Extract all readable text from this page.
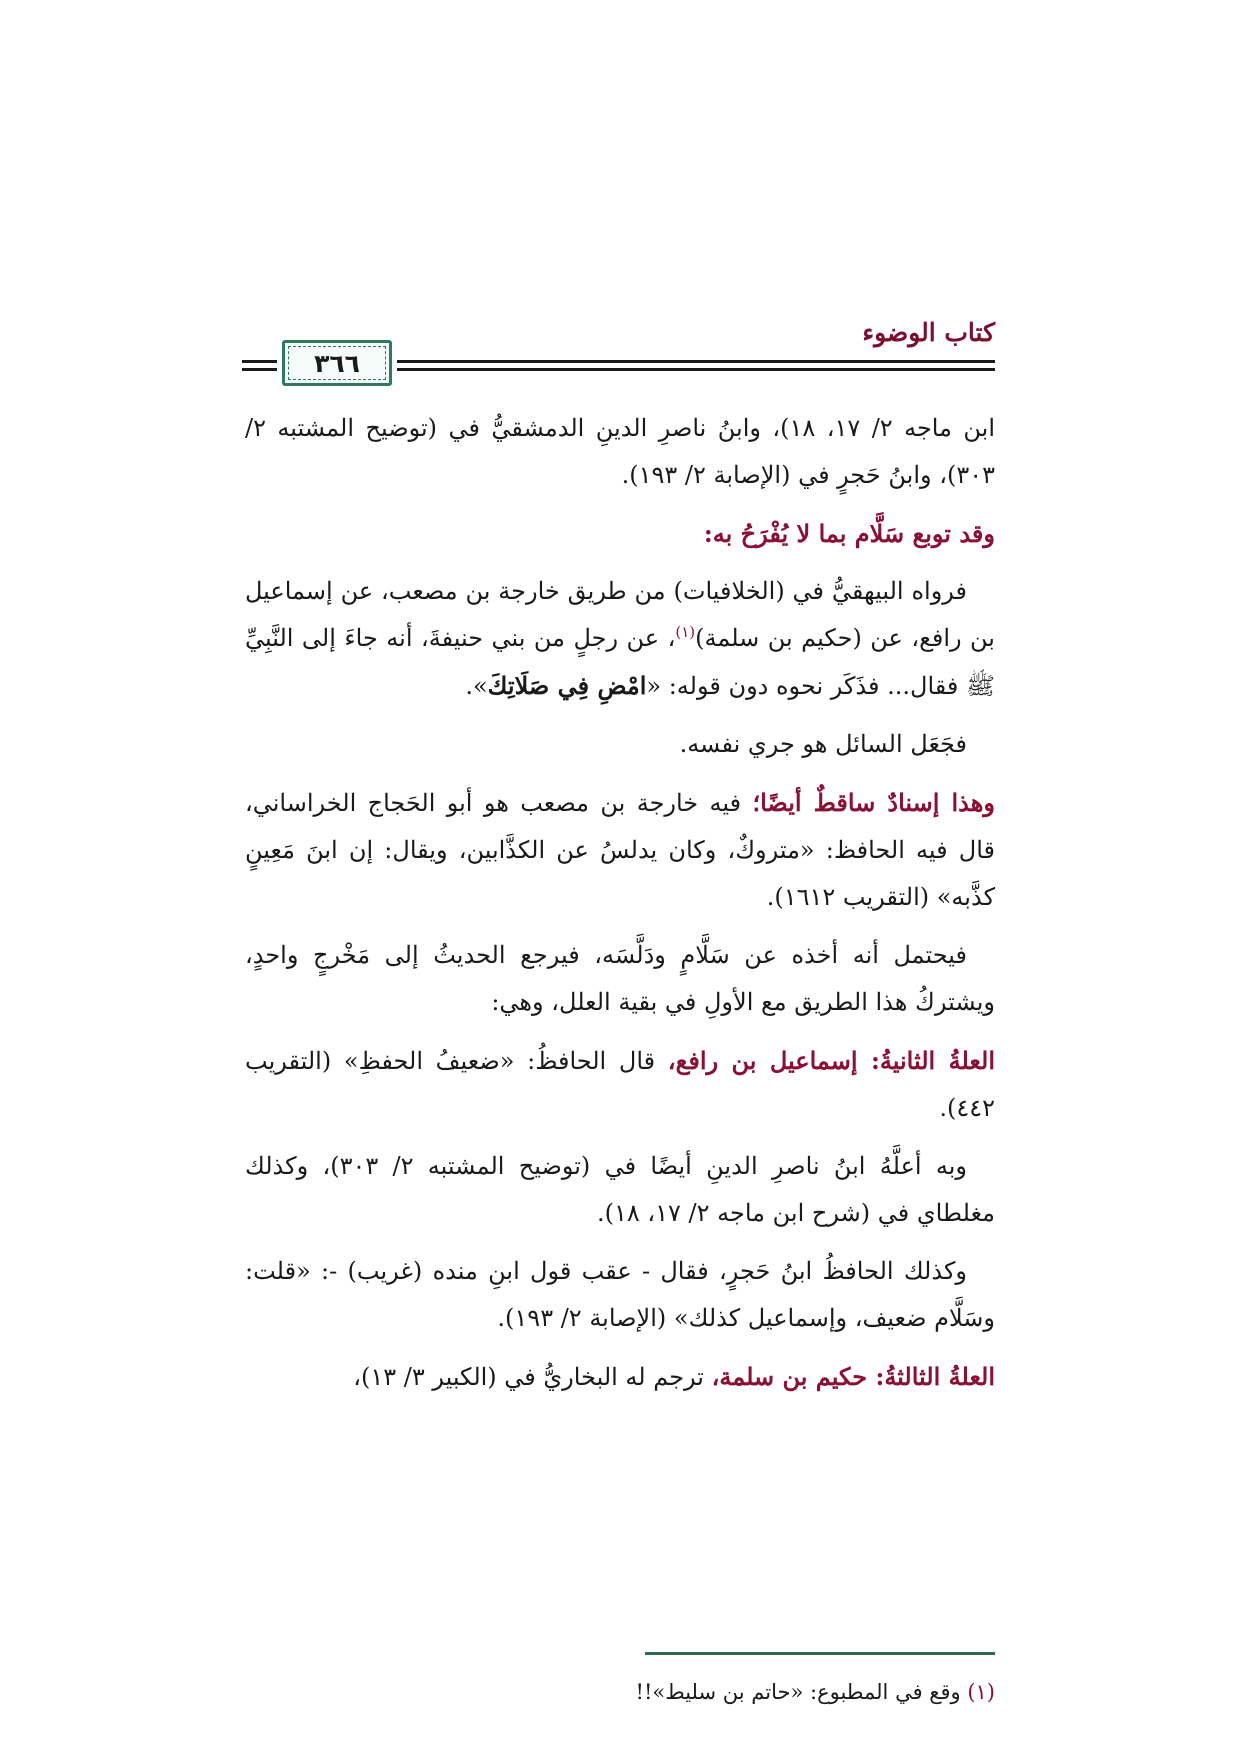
كتاب الوضوء
٣٦٦

ابن ماجه ٢/ ١٧، ١٨)، وابنُ ناصرِ الدينِ الدمشقيُّ في (توضيح المشتبه ٢/ ٣٠٣)، وابنُ حَجرٍ في (الإصابة ٢/ ١٩٣).

وقد توبع سَلَّام بما لا يُفْرَحُ به:

فرواه البيهقيُّ في (الخلافيات) من طريق خارجة بن مصعب، عن إسماعيل بن رافع، عن (حكيم بن سلمة)$^{(١)}$، عن رجلٍ من بني حنيفةَ، أنه جاءَ إلى النَّبِيِّ ﷺ فقال... فذَكَر نحوه دون قوله: «امْضِ فِي صَلَاتِكَ».

فجَعَل السائل هو جري نفسه.

وهذا إسنادٌ ساقطٌ أيضًا؛ فيه خارجة بن مصعب هو أبو الحَجاج الخراساني، قال فيه الحافظ: «متروكٌ، وكان يدلسُ عن الكذَّابين، ويقال: إن ابنَ مَعِينٍ كذَّبه» (التقريب ١٦١٢).

فيحتمل أنه أخذه عن سَلَّامٍ ودَلَّسَه، فيرجع الحديثُ إلى مَخْرجٍ واحدٍ، ويشتركُ هذا الطريق مع الأولِ في بقية العلل، وهي:

العلةُ الثانيةُ: إسماعيل بن رافع، قال الحافظُ: «ضعيفُ الحفظِ» (التقريب ٤٤٢).

وبه أعلَّهُ ابنُ ناصرِ الدينِ أيضًا في (توضيح المشتبه ٢/ ٣٠٣)، وكذلك مغلطاي في (شرح ابن ماجه ٢/ ١٧، ١٨).

وكذلك الحافظُ ابنُ حَجرٍ، فقال - عقب قول ابنِ منده (غريب) -: «قلت: وسَلَّام ضعيف، وإسماعيل كذلك» (الإصابة ٢/ ١٩٣).

العلةُ الثالثةُ: حكيم بن سلمة، ترجم له البخاريُّ في (الكبير ٣/ ١٣)،

(١) وقع في المطبوع: «حاتم بن سليط»!!
